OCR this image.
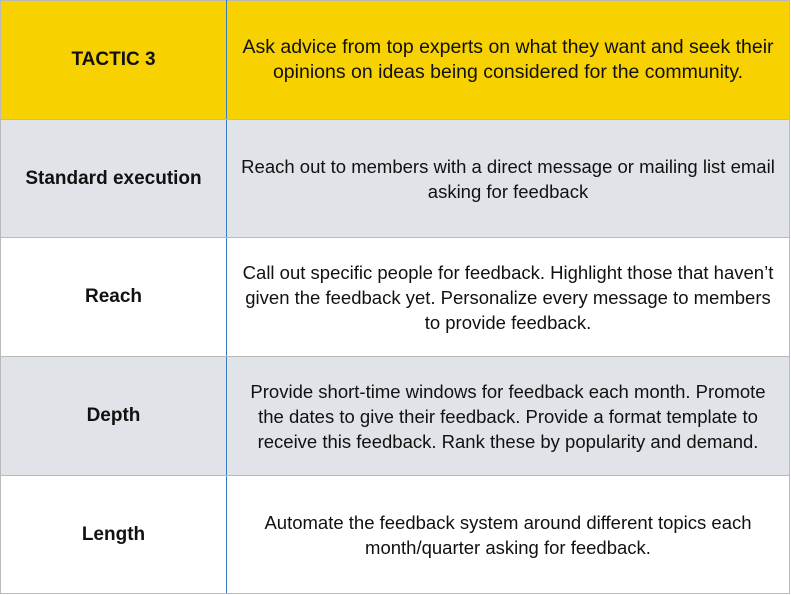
TACTIC 3	Ask advice from top experts on what they want and seek their opinions on ideas being considered for the community.
Standard execution	Reach out to members with a direct message or mailing list email asking for feedback
Reach	Call out specific people for feedback. Highlight those that haven’t given the feedback yet. Personalize every message to members to provide feedback.
Depth	Provide short-time windows for feedback each month. Promote the dates to give their feedback. Provide a format template to receive this feedback. Rank these by popularity and demand.
Length	Automate the feedback system around different topics each month/quarter asking for feedback.
